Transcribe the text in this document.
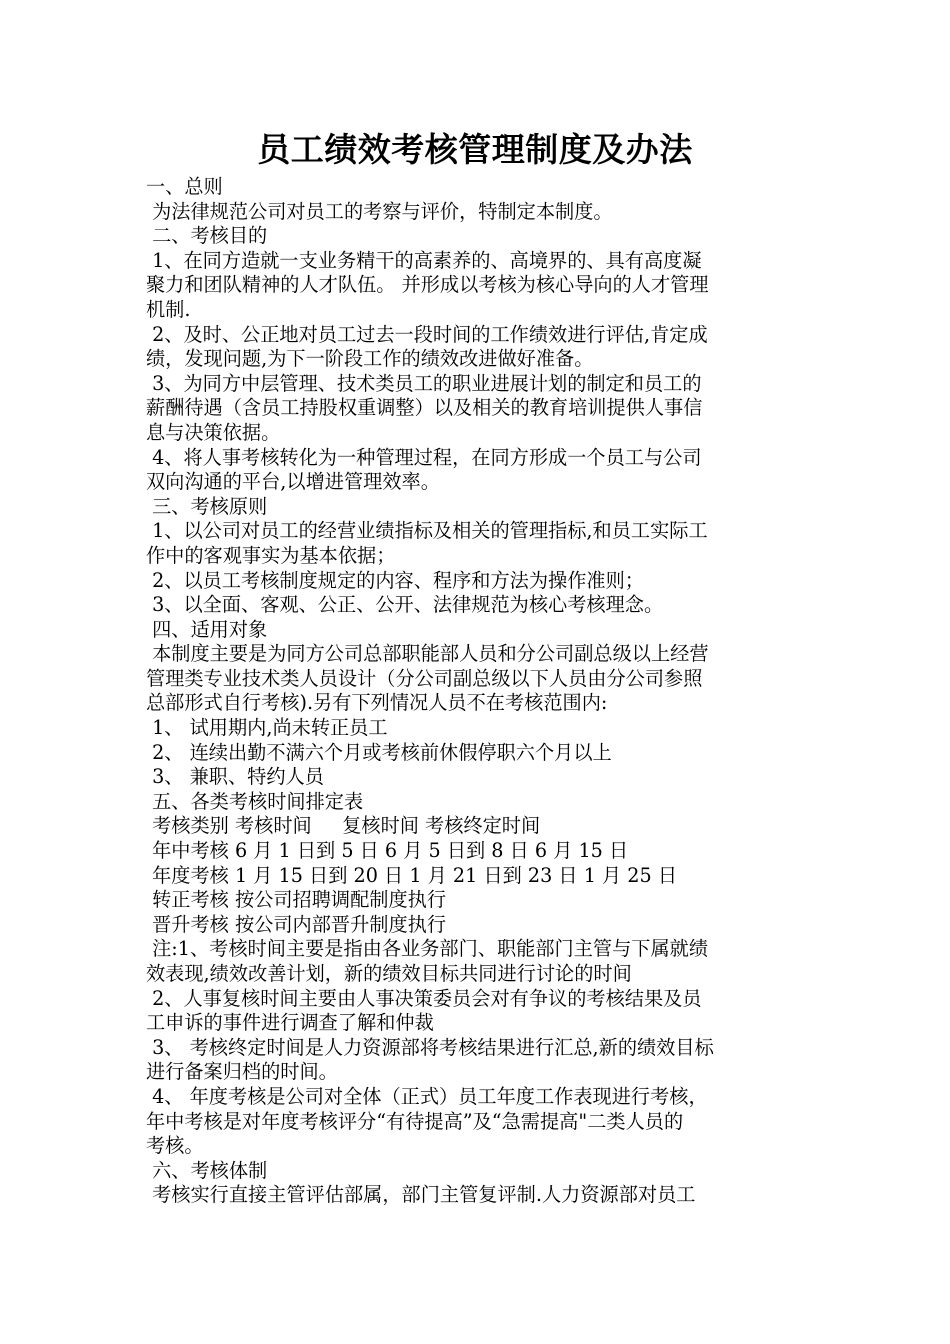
员工绩效考核管理制度及办法
一、总则
为法律规范公司对员工的考察与评价，特制定本制度。
二、考核目的
1、在同方造就一支业务精干的高素养的、高境界的、具有高度凝
聚力和团队精神的人才队伍。 并形成以考核为核心导向的人才管理
机制.
2、及时、公正地对员工过去一段时间的工作绩效进行评估,肯定成
绩，发现问题,为下一阶段工作的绩效改进做好准备。
3、为同方中层管理、技术类员工的职业进展计划的制定和员工的
薪酬待遇（含员工持股权重调整）以及相关的教育培训提供人事信
息与决策依据。
4、将人事考核转化为一种管理过程，在同方形成一个员工与公司
双向沟通的平台,以增进管理效率。
三、考核原则
1、以公司对员工的经营业绩指标及相关的管理指标,和员工实际工
作中的客观事实为基本依据；
2、以员工考核制度规定的内容、程序和方法为操作准则；
3、以全面、客观、公正、公开、法律规范为核心考核理念。
四、适用对象
本制度主要是为同方公司总部职能部人员和分公司副总级以上经营
管理类专业技术类人员设计（分公司副总级以下人员由分公司参照
总部形式自行考核).另有下列情况人员不在考核范围内:
1、 试用期内,尚未转正员工
2、 连续出勤不满六个月或考核前休假停职六个月以上
3、 兼职、特约人员
五、各类考核时间排定表
考核类别 考核时间     复核时间 考核终定时间
年中考核 6 月 1 日到 5 日 6 月 5 日到 8 日 6 月 15 日
年度考核 1 月 15 日到 20 日 1 月 21 日到 23 日 1 月 25 日
转正考核 按公司招聘调配制度执行
晋升考核 按公司内部晋升制度执行
注:1、考核时间主要是指由各业务部门、职能部门主管与下属就绩
效表现,绩效改善计划，新的绩效目标共同进行讨论的时间
2、人事复核时间主要由人事决策委员会对有争议的考核结果及员
工申诉的事件进行调查了解和仲裁
3、 考核终定时间是人力资源部将考核结果进行汇总,新的绩效目标
进行备案归档的时间。
4、 年度考核是公司对全体（正式）员工年度工作表现进行考核，
年中考核是对年度考核评分“有待提高”及“急需提高"二类人员的
考核。
六、考核体制
考核实行直接主管评估部属，部门主管复评制.人力资源部对员工
